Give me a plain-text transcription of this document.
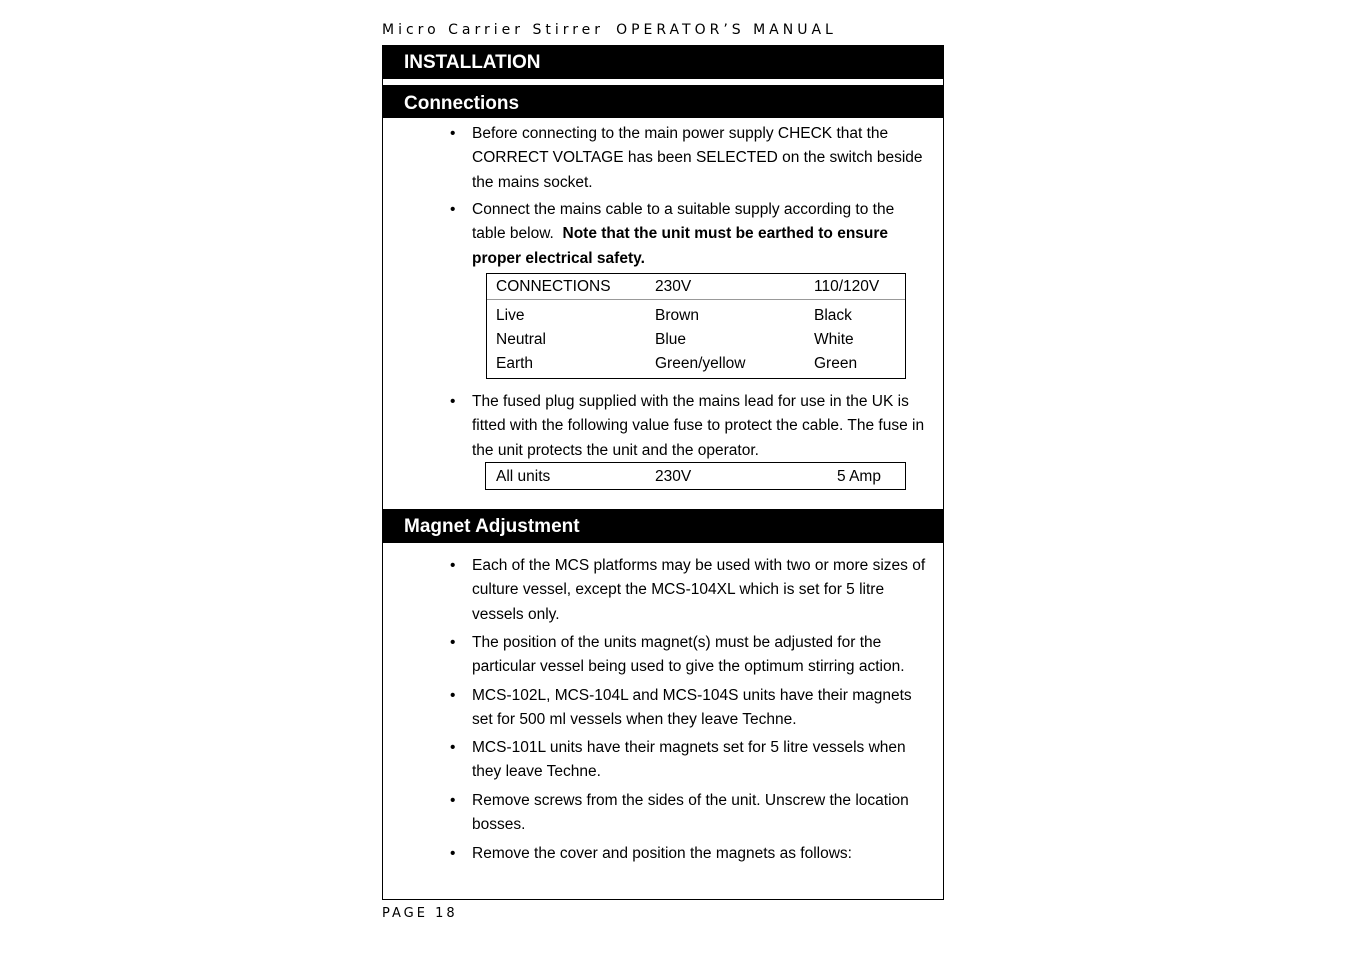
Micro Carrier Stirrer OPERATOR’S MANUAL
INSTALLATION
Connections
• Before connecting to the main power supply CHECK that the CORRECT VOLTAGE has been SELECTED on the switch beside the mains socket.
• Connect the mains cable to a suitable supply according to the table below. Note that the unit must be earthed to ensure proper electrical safety.
CONNECTIONS	230V	110/120V
Live	Brown	Black
Neutral	Blue	White
Earth	Green/yellow	Green
• The fused plug supplied with the mains lead for use in the UK is fitted with the following value fuse to protect the cable. The fuse in the unit protects the unit and the operator.
All units	230V	5 Amp
Magnet Adjustment
• Each of the MCS platforms may be used with two or more sizes of culture vessel, except the MCS-104XL which is set for 5 litre vessels only.
• The position of the units magnet(s) must be adjusted for the particular vessel being used to give the optimum stirring action.
• MCS-102L, MCS-104L and MCS-104S units have their magnets set for 500 ml vessels when they leave Techne.
• MCS-101L units have their magnets set for 5 litre vessels when they leave Techne.
• Remove screws from the sides of the unit. Unscrew the location bosses.
• Remove the cover and position the magnets as follows:
PAGE 18
